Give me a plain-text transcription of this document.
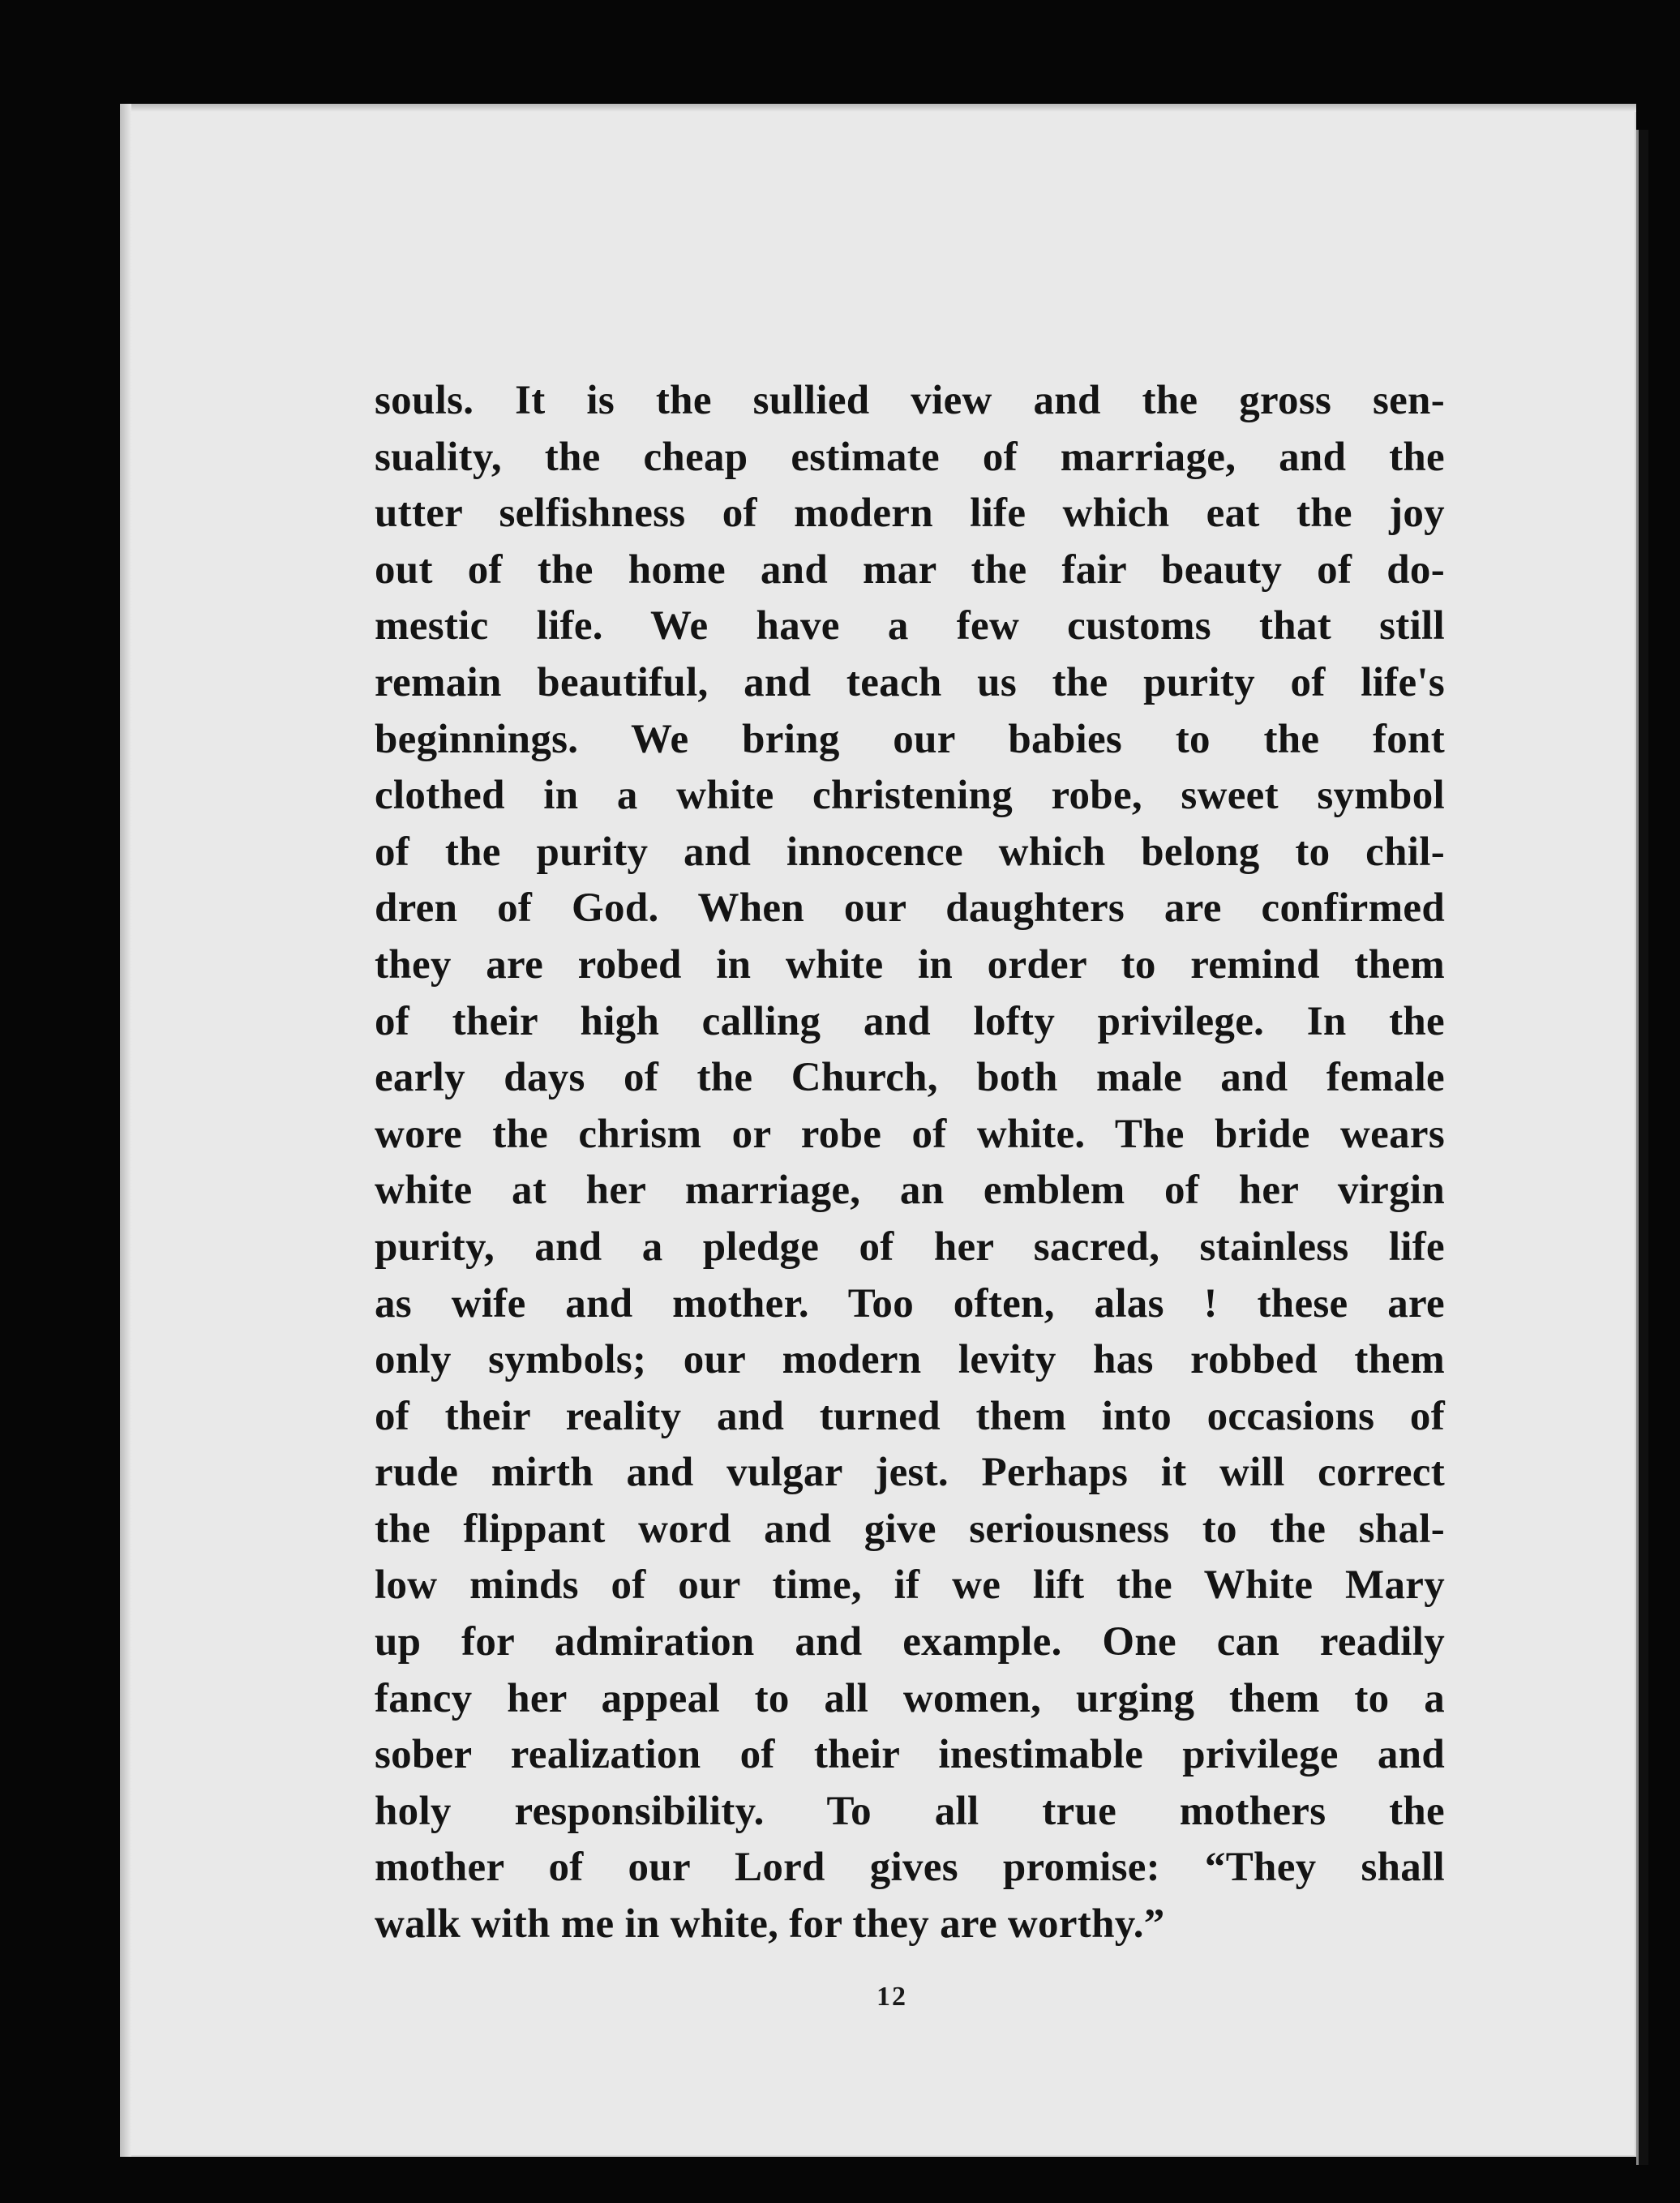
souls. It is the sullied view and the gross sen-
suality, the cheap estimate of marriage, and the
utter selfishness of modern life which eat the joy
out of the home and mar the fair beauty of do-
mestic life. We have a few customs that still
remain beautiful, and teach us the purity of life's
beginnings. We bring our babies to the font
clothed in a white christening robe, sweet symbol
of the purity and innocence which belong to chil-
dren of God. When our daughters are confirmed
they are robed in white in order to remind them
of their high calling and lofty privilege. In the
early days of the Church, both male and female
wore the chrism or robe of white. The bride wears
white at her marriage, an emblem of her virgin
purity, and a pledge of her sacred, stainless life
as wife and mother. Too often, alas ! these are
only symbols; our modern levity has robbed them
of their reality and turned them into occasions of
rude mirth and vulgar jest. Perhaps it will correct
the flippant word and give seriousness to the shal-
low minds of our time, if we lift the White Mary
up for admiration and example. One can readily
fancy her appeal to all women, urging them to a
sober realization of their inestimable privilege and
holy responsibility. To all true mothers the
mother of our Lord gives promise: “They shall
walk with me in white, for they are worthy.”
12
